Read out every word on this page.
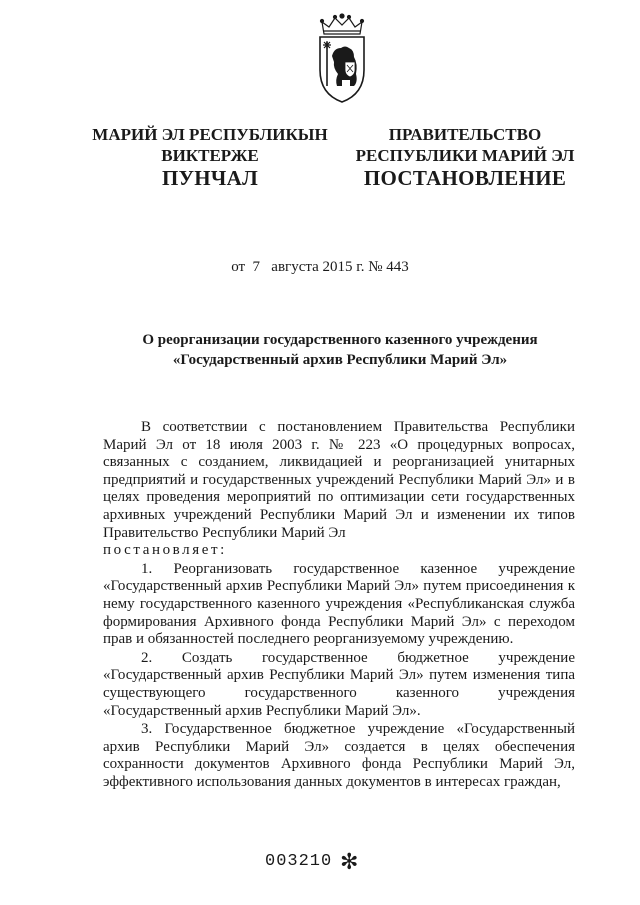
МАРИЙ ЭЛ РЕСПУБЛИКЫН
ВИКТЕРЖЕ
ПУНЧАЛ
ПРАВИТЕЛЬСТВО
РЕСПУБЛИКИ МАРИЙ ЭЛ
ПОСТАНОВЛЕНИЕ
от  7   августа 2015 г. № 443
О реорганизации государственного казенного учреждения
«Государственный архив Республики Марий Эл»

В соответствии с постановлением Правительства Республики Марий Эл от 18 июля 2003 г. № 223 «О процедурных вопросах, связанных с созданием, ликвидацией и реорганизацией унитарных предприятий и государственных учреждений Республики Марий Эл» и в целях проведения мероприятий по оптимизации сети государственных архивных учреждений Республики Марий Эл и изменении их типов Правительство Республики Марий Эл

постановляет:

1. Реорганизовать государственное казенное учреждение «Государственный архив Республики Марий Эл» путем присоединения к нему государственного казенного учреждения «Республиканская служба формирования Архивного фонда Республики Марий Эл» с переходом прав и обязанностей последнего реорганизуемому учреждению.

2. Создать государственное бюджетное учреждение «Государственный архив Республики Марий Эл» путем изменения типа существующего государственного казенного учреждения «Государственный архив Республики Марий Эл».

3. Государственное бюджетное учреждение «Государственный архив Республики Марий Эл» создается в целях обеспечения сохранности документов Архивного фонда Республики Марий Эл, эффективного использования данных документов в интересах граждан,

003210 ✻
